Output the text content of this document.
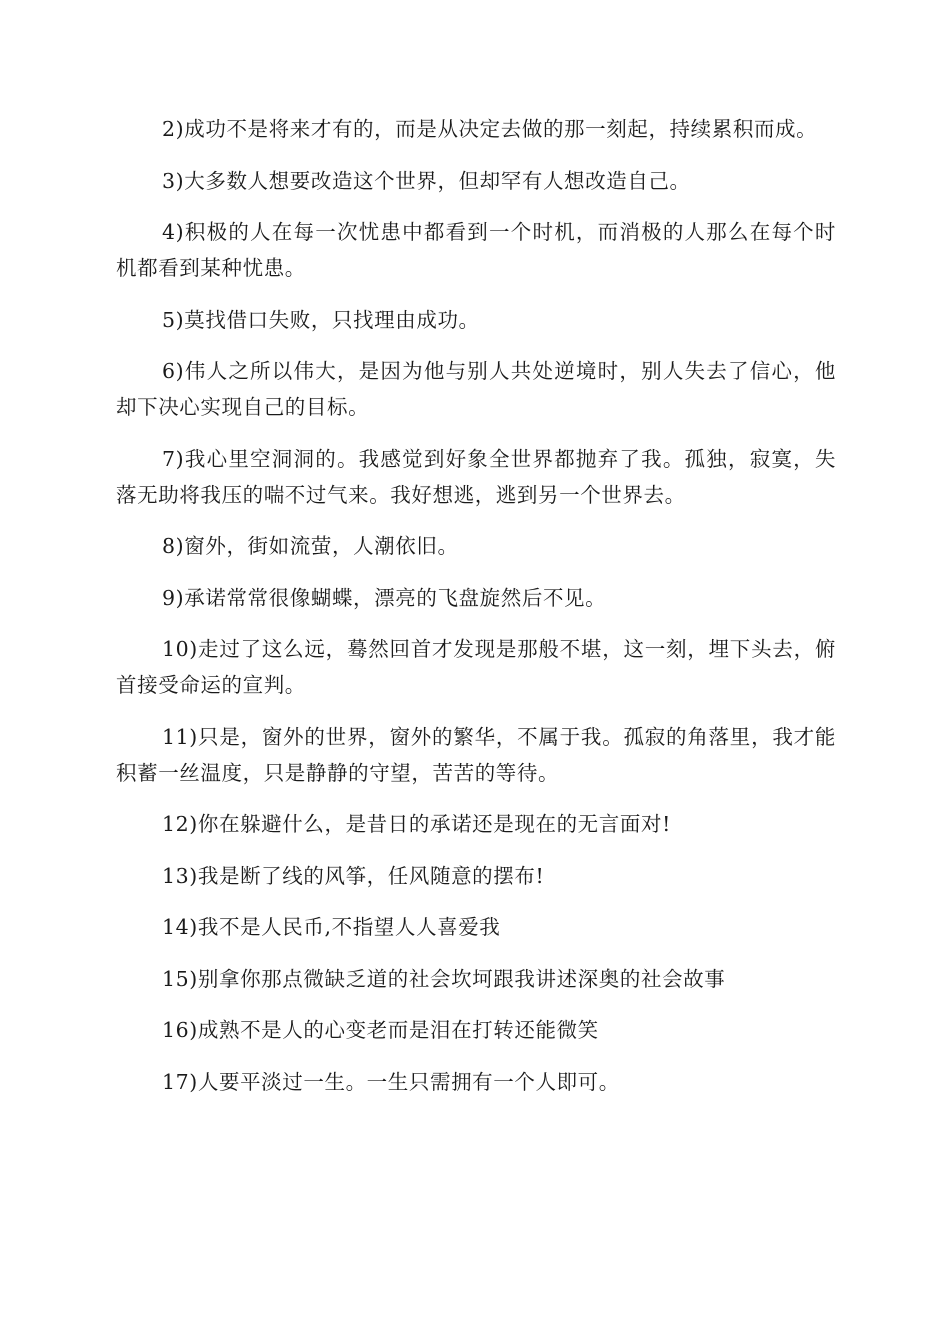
2)成功不是将来才有的，而是从决定去做的那一刻起，持续累积而成。

3)大多数人想要改造这个世界，但却罕有人想改造自己。

4)积极的人在每一次忧患中都看到一个时机，而消极的人那么在每个时机都看到某种忧患。

5)莫找借口失败，只找理由成功。

6)伟人之所以伟大，是因为他与别人共处逆境时，别人失去了信心，他却下决心实现自己的目标。

7)我心里空洞洞的。我感觉到好象全世界都抛弃了我。孤独，寂寞，失落无助将我压的喘不过气来。我好想逃，逃到另一个世界去。

8)窗外，街如流萤，人潮依旧。

9)承诺常常很像蝴蝶，漂亮的飞盘旋然后不见。

10)走过了这么远，蓦然回首才发现是那般不堪，这一刻，埋下头去，俯首接受命运的宣判。

11)只是，窗外的世界，窗外的繁华，不属于我。孤寂的角落里，我才能积蓄一丝温度，只是静静的守望，苦苦的等待。

12)你在躲避什么，是昔日的承诺还是现在的无言面对!

13)我是断了线的风筝，任风随意的摆布!

14)我不是人民币,不指望人人喜爱我

15)别拿你那点微缺乏道的社会坎坷跟我讲述深奥的社会故事

16)成熟不是人的心变老而是泪在打转还能微笑

17)人要平淡过一生。一生只需拥有一个人即可。
